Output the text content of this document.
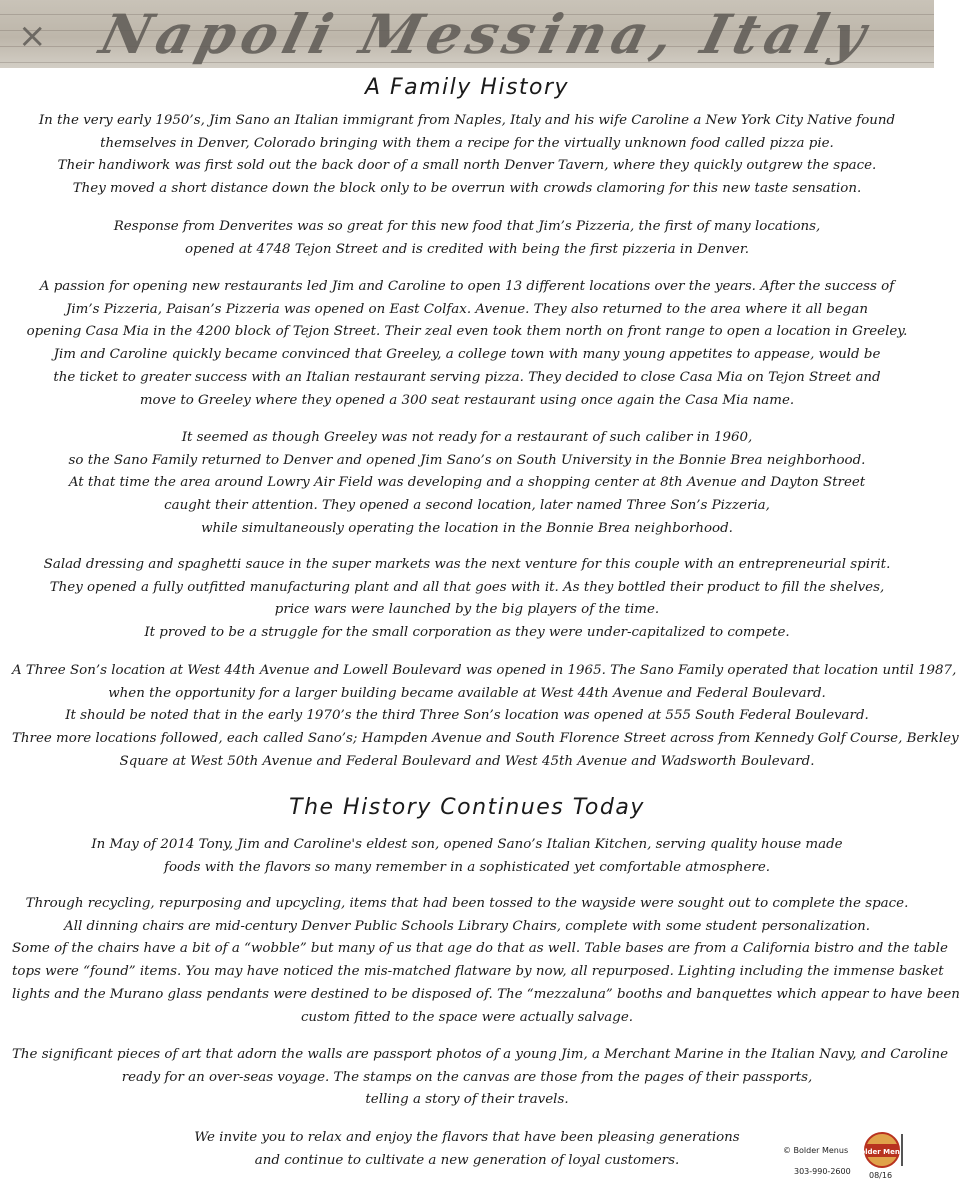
× Napoli Messina, Italy
A Family History
In the very early 1950’s, Jim Sano an Italian immigrant from Naples, Italy and his wife Caroline a New York City Native found
themselves in Denver, Colorado bringing with them a recipe for the virtually unknown food called pizza pie.
Their handiwork was first sold out the back door of a small north Denver Tavern, where they quickly outgrew the space.
They moved a short distance down the block only to be overrun with crowds clamoring for this new taste sensation.
Response from Denverites was so great for this new food that Jim’s Pizzeria, the first of many locations,
opened at 4748 Tejon Street and is credited with being the first pizzeria in Denver.
A passion for opening new restaurants led Jim and Caroline to open 13 different locations over the years. After the success of
Jim’s Pizzeria, Paisan’s Pizzeria was opened on East Colfax. Avenue. They also returned to the area where it all began
opening Casa Mia in the 4200 block of Tejon Street. Their zeal even took them north on front range to open a location in Greeley.
Jim and Caroline quickly became convinced that Greeley, a college town with many young appetites to appease, would be
the ticket to greater success with an Italian restaurant serving pizza. They decided to close Casa Mia on Tejon Street and
move to Greeley where they opened a 300 seat restaurant using once again the Casa Mia name.
It seemed as though Greeley was not ready for a restaurant of such caliber in 1960,
so the Sano Family returned to Denver and opened Jim Sano’s on South University in the Bonnie Brea neighborhood.
At that time the area around Lowry Air Field was developing and a shopping center at 8th Avenue and Dayton Street
caught their attention. They opened a second location, later named Three Son’s Pizzeria,
while simultaneously operating the location in the Bonnie Brea neighborhood.
Salad dressing and spaghetti sauce in the super markets was the next venture for this couple with an entrepreneurial spirit.
They opened a fully outfitted manufacturing plant and all that goes with it. As they bottled their product to fill the shelves,
price wars were launched by the big players of the time.
It proved to be a struggle for the small corporation as they were under-capitalized to compete.
A Three Son’s location at West 44th Avenue and Lowell Boulevard was opened in 1965. The Sano Family operated that location until 1987,
when the opportunity for a larger building became available at West 44th Avenue and Federal Boulevard.
It should be noted that in the early 1970’s the third Three Son’s location was opened at 555 South Federal Boulevard.
Three more locations followed, each called Sano’s; Hampden Avenue and South Florence Street across from Kennedy Golf Course, Berkley
Square at West 50th Avenue and Federal Boulevard and West 45th Avenue and Wadsworth Boulevard.
The History Continues Today
In May of 2014 Tony, Jim and Caroline's eldest son, opened Sano’s Italian Kitchen, serving quality house made
foods with the flavors so many remember in a sophisticated yet comfortable atmosphere.
Through recycling, repurposing and upcycling, items that had been tossed to the wayside were sought out to complete the space.
All dinning chairs are mid-century Denver Public Schools Library Chairs, complete with some student personalization.
Some of the chairs have a bit of a “wobble” but many of us that age do that as well. Table bases are from a California bistro and the table
tops were “found” items. You may have noticed the mis-matched flatware by now, all repurposed. Lighting including the immense basket
lights and the Murano glass pendants were destined to be disposed of. The “mezzaluna” booths and banquettes which appear to have been
custom fitted to the space were actually salvage.
The significant pieces of art that adorn the walls are passport photos of a young Jim, a Merchant Marine in the Italian Navy, and Caroline
ready for an over-seas voyage. The stamps on the canvas are those from the pages of their passports,
telling a story of their travels.
We invite you to relax and enjoy the flavors that have been pleasing generations
and continue to cultivate a new generation of loyal customers.
Bolder Menus
© Bolder Menus
303-990-2600 08/16
